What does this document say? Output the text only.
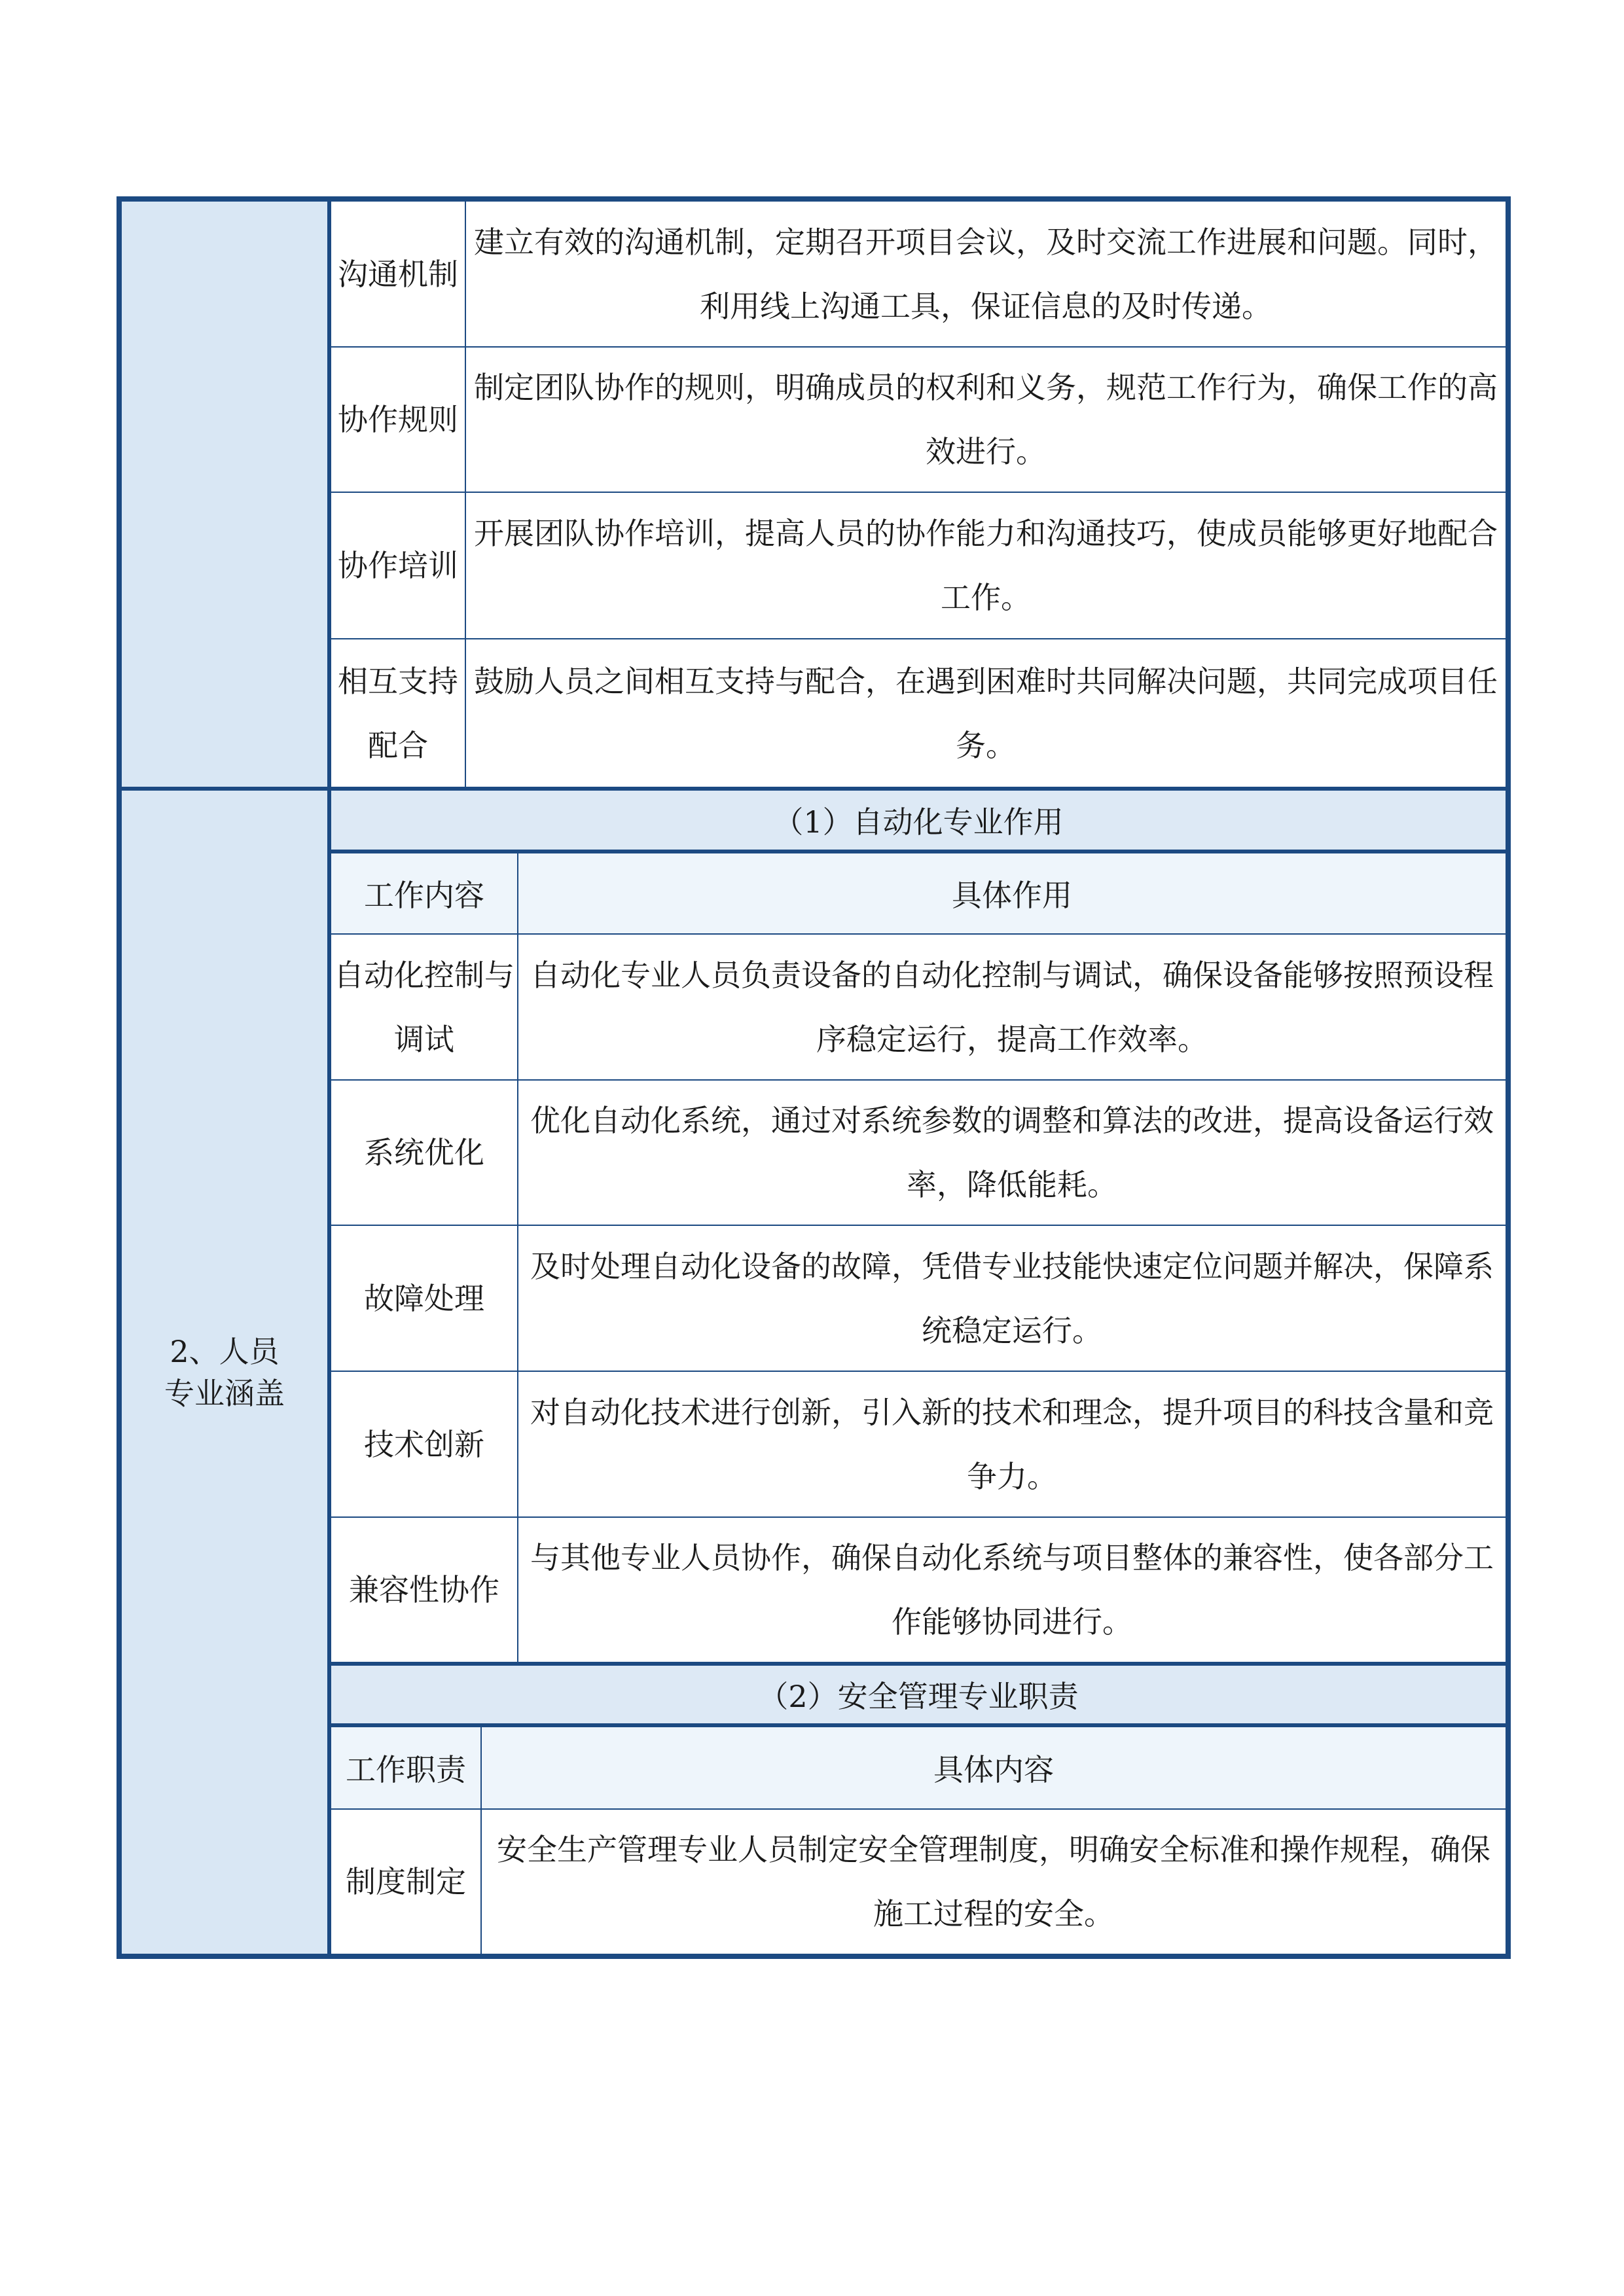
沟通机制
建立有效的沟通机制，定期召开项目会议，及时交流工作进展和问题。同时，利用线上沟通工具，保证信息的及时传递。
协作规则
制定团队协作的规则，明确成员的权利和义务，规范工作行为，确保工作的高效进行。
协作培训
开展团队协作培训，提高人员的协作能力和沟通技巧，使成员能够更好地配合工作。
相互支持配合
鼓励人员之间相互支持与配合，在遇到困难时共同解决问题，共同完成项目任务。
2、人员专业涵盖
（1）自动化专业作用
工作内容	具体作用
自动化控制与调试
自动化专业人员负责设备的自动化控制与调试，确保设备能够按照预设程序稳定运行，提高工作效率。
系统优化
优化自动化系统，通过对系统参数的调整和算法的改进，提高设备运行效率，降低能耗。
故障处理
及时处理自动化设备的故障，凭借专业技能快速定位问题并解决，保障系统稳定运行。
技术创新
对自动化技术进行创新，引入新的技术和理念，提升项目的科技含量和竞争力。
兼容性协作
与其他专业人员协作，确保自动化系统与项目整体的兼容性，使各部分工作能够协同进行。
（2）安全管理专业职责
工作职责	具体内容
制度制定
安全生产管理专业人员制定安全管理制度，明确安全标准和操作规程，确保施工过程的安全。
